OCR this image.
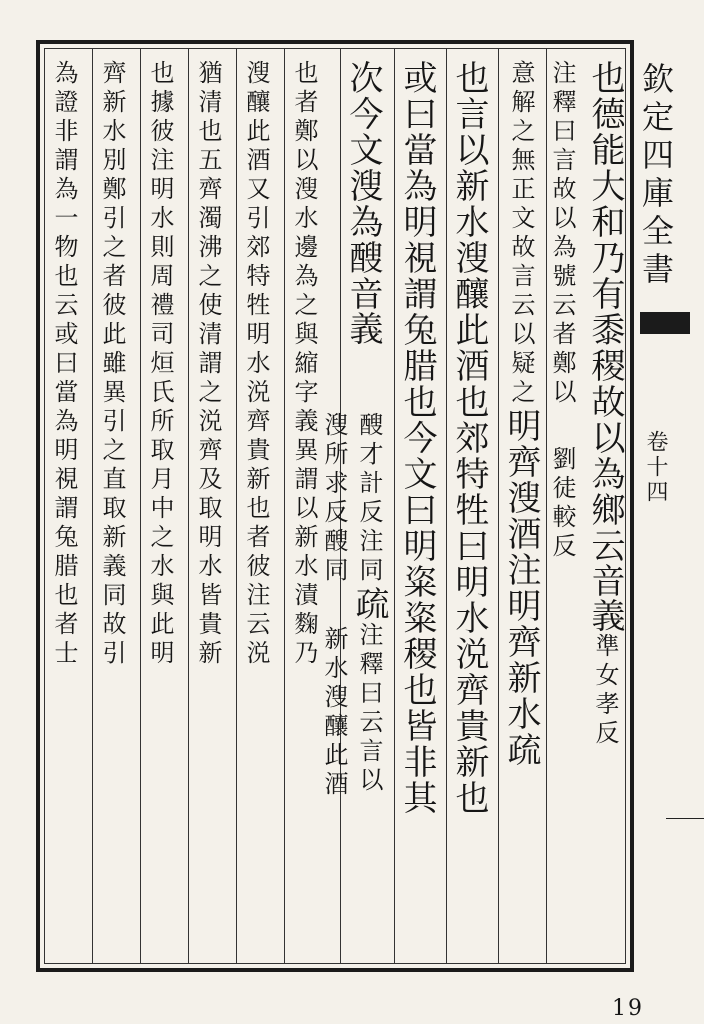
欽定四庫全書
卷十四
19
也德能大和乃有黍稷故以為鄉云音義準女孝反
注釋曰言故以為號云者鄭以劉徒較反
意解之無正文故言云以疑之明齊溲酒注明齊新水疏
也言以新水溲釀此酒也郊特牲曰明水涚齊貴新也
或曰當為明視謂兔腊也今文曰明粢粢稷也皆非其
次今文溲為醙音義
醙才計反注同疏注釋曰云言以
溲所求反醙同新水溲釀此酒
也者鄭以溲水邊為之與縮字義異謂以新水漬麴乃
溲釀此酒又引郊特牲明水涚齊貴新也者彼注云涚
猶清也五齊濁沸之使清謂之涚齊及取明水皆貴新
也據彼注明水則周禮司烜氏所取月中之水與此明
齊新水別鄭引之者彼此雖異引之直取新義同故引
為證非謂為一物也云或曰當為明視謂兔腊也者士
